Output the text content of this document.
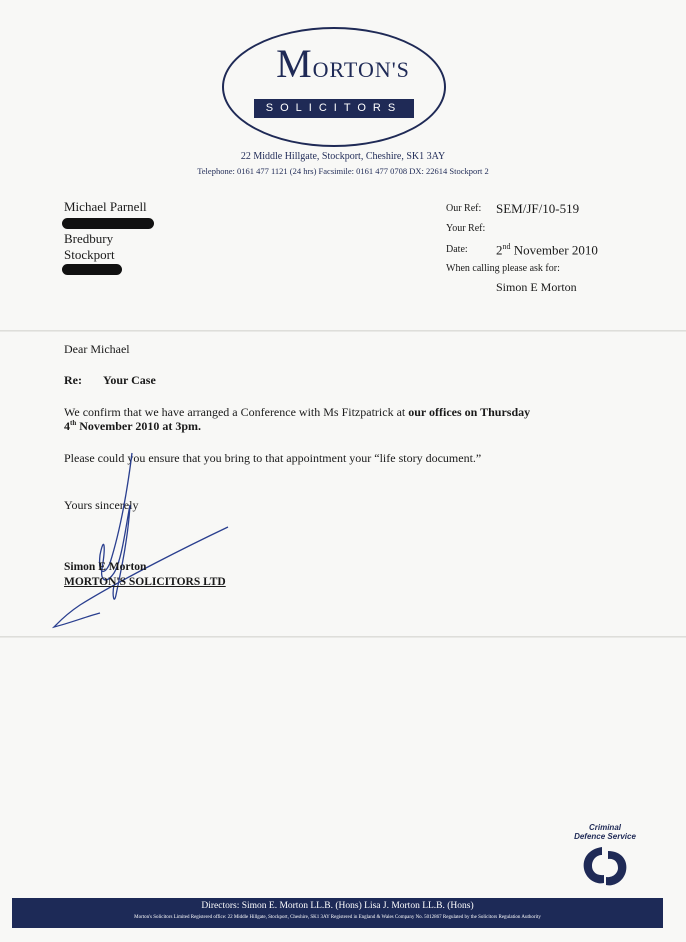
MORTON'S
SOLICITORS
22 Middle Hillgate, Stockport, Cheshire, SK1 3AY
Telephone: 0161 477 1121 (24 hrs) Facsimile: 0161 477 0708 DX: 22614 Stockport 2
Michael Parnell
Bredbury
Stockport
Our Ref: SEM/JF/10-519
Your Ref:
Date: 2nd November 2010
When calling please ask for:
Simon E Morton
Dear Michael
Re: Your Case
We confirm that we have arranged a Conference with Ms Fitzpatrick at our offices on Thursday
4th November 2010 at 3pm.
Please could you ensure that you bring to that appointment your “life story document.”
Yours sincerely
Simon E Morton
MORTON'S SOLICITORS LTD
Criminal
Defence Service
Directors: Simon E. Morton LL.B. (Hons) Lisa J. Morton LL.B. (Hons)
Morton's Solicitors Limited Registered office: 22 Middle Hillgate, Stockport, Cheshire, SK1 3AY Registered in England & Wales Company No. 5012867 Regulated by the Solicitors Regulation Authority
